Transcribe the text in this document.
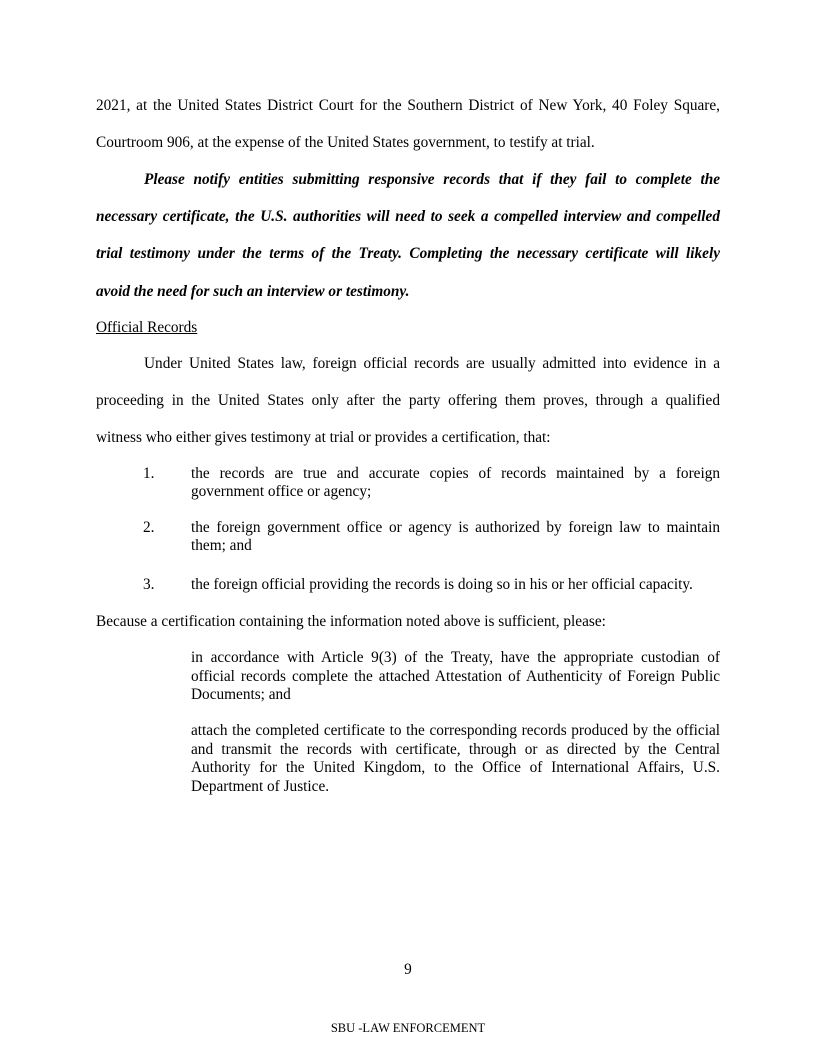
2021, at the United States District Court for the Southern District of New York, 40 Foley Square,

Courtroom 906, at the expense of the United States government, to testify at trial.

Please notify entities submitting responsive records that if they fail to complete the

necessary certificate, the U.S. authorities will need to seek a compelled interview and compelled

trial testimony under the terms of the Treaty. Completing the necessary certificate will likely

avoid the need for such an interview or testimony.

Official Records

Under United States law, foreign official records are usually admitted into evidence in a

proceeding in the United States only after the party offering them proves, through a qualified

witness who either gives testimony at trial or provides a certification, that:

1. the records are true and accurate copies of records maintained by a foreign government office or agency;

2. the foreign government office or agency is authorized by foreign law to maintain them; and

3. the foreign official providing the records is doing so in his or her official capacity.

Because a certification containing the information noted above is sufficient, please:

in accordance with Article 9(3) of the Treaty, have the appropriate custodian of official records complete the attached Attestation of Authenticity of Foreign Public Documents; and

attach the completed certificate to the corresponding records produced by the official and transmit the records with certificate, through or as directed by the Central Authority for the United Kingdom, to the Office of International Affairs, U.S. Department of Justice.

9

SBU -LAW ENFORCEMENT
